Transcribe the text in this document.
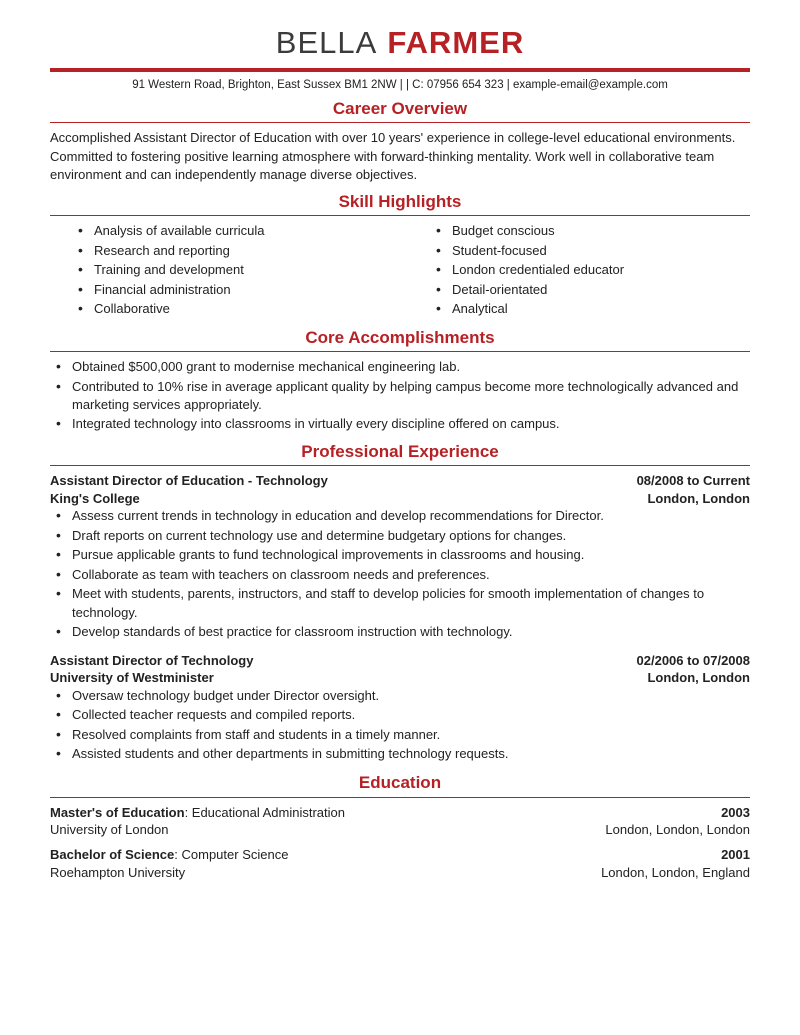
BELLA FARMER
91 Western Road, Brighton, East Sussex BM1 2NW | | C: 07956 654 323 | example-email@example.com
Career Overview

Accomplished Assistant Director of Education with over 10 years' experience in college-level educational environments. Committed to fostering positive learning atmosphere with forward-thinking mentality. Work well in collaborative team environment and can independently manage diverse objectives.

Skill Highlights
• Analysis of available curricula
• Research and reporting
• Training and development
• Financial administration
• Collaborative
• Budget conscious
• Student-focused
• London credentialed educator
• Detail-orientated
• Analytical
Core Accomplishments
• Obtained $500,000 grant to modernise mechanical engineering lab.
• Contributed to 10% rise in average applicant quality by helping campus become more technologically advanced and marketing services appropriately.
• Integrated technology into classrooms in virtually every discipline offered on campus.
Professional Experience
Assistant Director of Education - Technology	08/2008 to Current
King's College	London, London
• Assess current trends in technology in education and develop recommendations for Director.
• Draft reports on current technology use and determine budgetary options for changes.
• Pursue applicable grants to fund technological improvements in classrooms and housing.
• Collaborate as team with teachers on classroom needs and preferences.
• Meet with students, parents, instructors, and staff to develop policies for smooth implementation of changes to technology.
• Develop standards of best practice for classroom instruction with technology.
Assistant Director of Technology	02/2006 to 07/2008
University of Westminister	London, London
• Oversaw technology budget under Director oversight.
• Collected teacher requests and compiled reports.
• Resolved complaints from staff and students in a timely manner.
• Assisted students and other departments in submitting technology requests.
Education
Master's of Education: Educational Administration	2003
University of London	London, London, London
Bachelor of Science: Computer Science	2001
Roehampton University	London, London, England
